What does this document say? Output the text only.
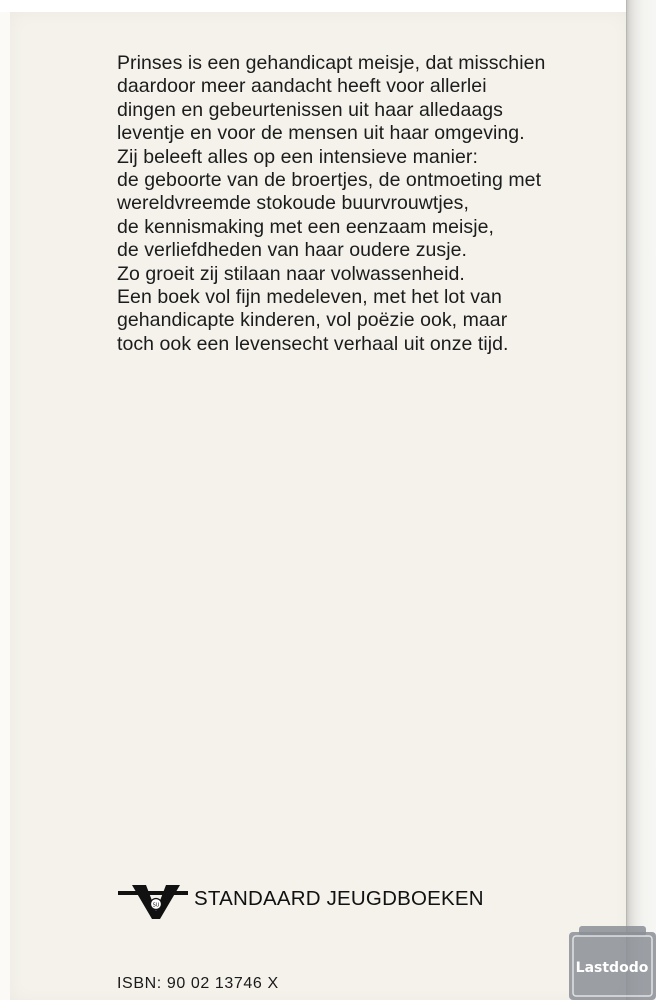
Prinses is een gehandicapt meisje, dat misschien
daardoor meer aandacht heeft voor allerlei
dingen en gebeurtenissen uit haar alledaags
leventje en voor de mensen uit haar omgeving.
Zij beleeft alles op een intensieve manier:
de geboorte van de broertjes, de ontmoeting met
wereldvreemde stokoude buurvrouwtjes,
de kennismaking met een eenzaam meisje,
de verliefdheden van haar oudere zusje.
Zo groeit zij stilaan naar volwassenheid.
Een boek vol fijn medeleven, met het lot van
gehandicapte kinderen, vol poëzie ook, maar
toch ook een levensecht verhaal uit onze tijd.
SU STANDAARD JEUGDBOEKEN
ISBN: 90 02 13746 X
Lastdodo
